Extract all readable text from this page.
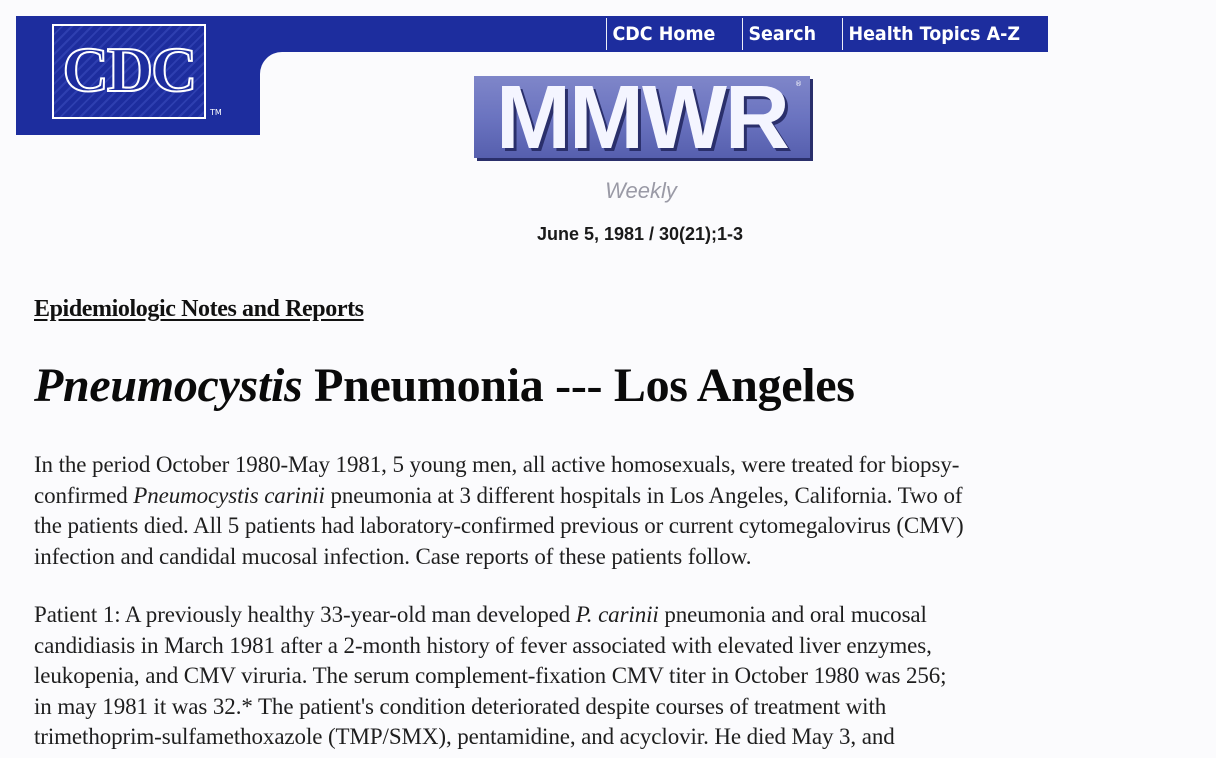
CDC
TM
CDC Home	Search	Health Topics A-Z
MMWR	®
Weekly
June 5, 1981 / 30(21);1-3
Epidemiologic Notes and Reports
Pneumocystis Pneumonia --- Los Angeles

In the period October 1980-May 1981, 5 young men, all active homosexuals, were treated for biopsy-
confirmed Pneumocystis carinii pneumonia at 3 different hospitals in Los Angeles, California. Two of
the patients died. All 5 patients had laboratory-confirmed previous or current cytomegalovirus (CMV)
infection and candidal mucosal infection. Case reports of these patients follow.

Patient 1: A previously healthy 33-year-old man developed P. carinii pneumonia and oral mucosal
candidiasis in March 1981 after a 2-month history of fever associated with elevated liver enzymes,
leukopenia, and CMV viruria. The serum complement-fixation CMV titer in October 1980 was 256;
in may 1981 it was 32.* The patient's condition deteriorated despite courses of treatment with
trimethoprim-sulfamethoxazole (TMP/SMX), pentamidine, and acyclovir. He died May 3, and
